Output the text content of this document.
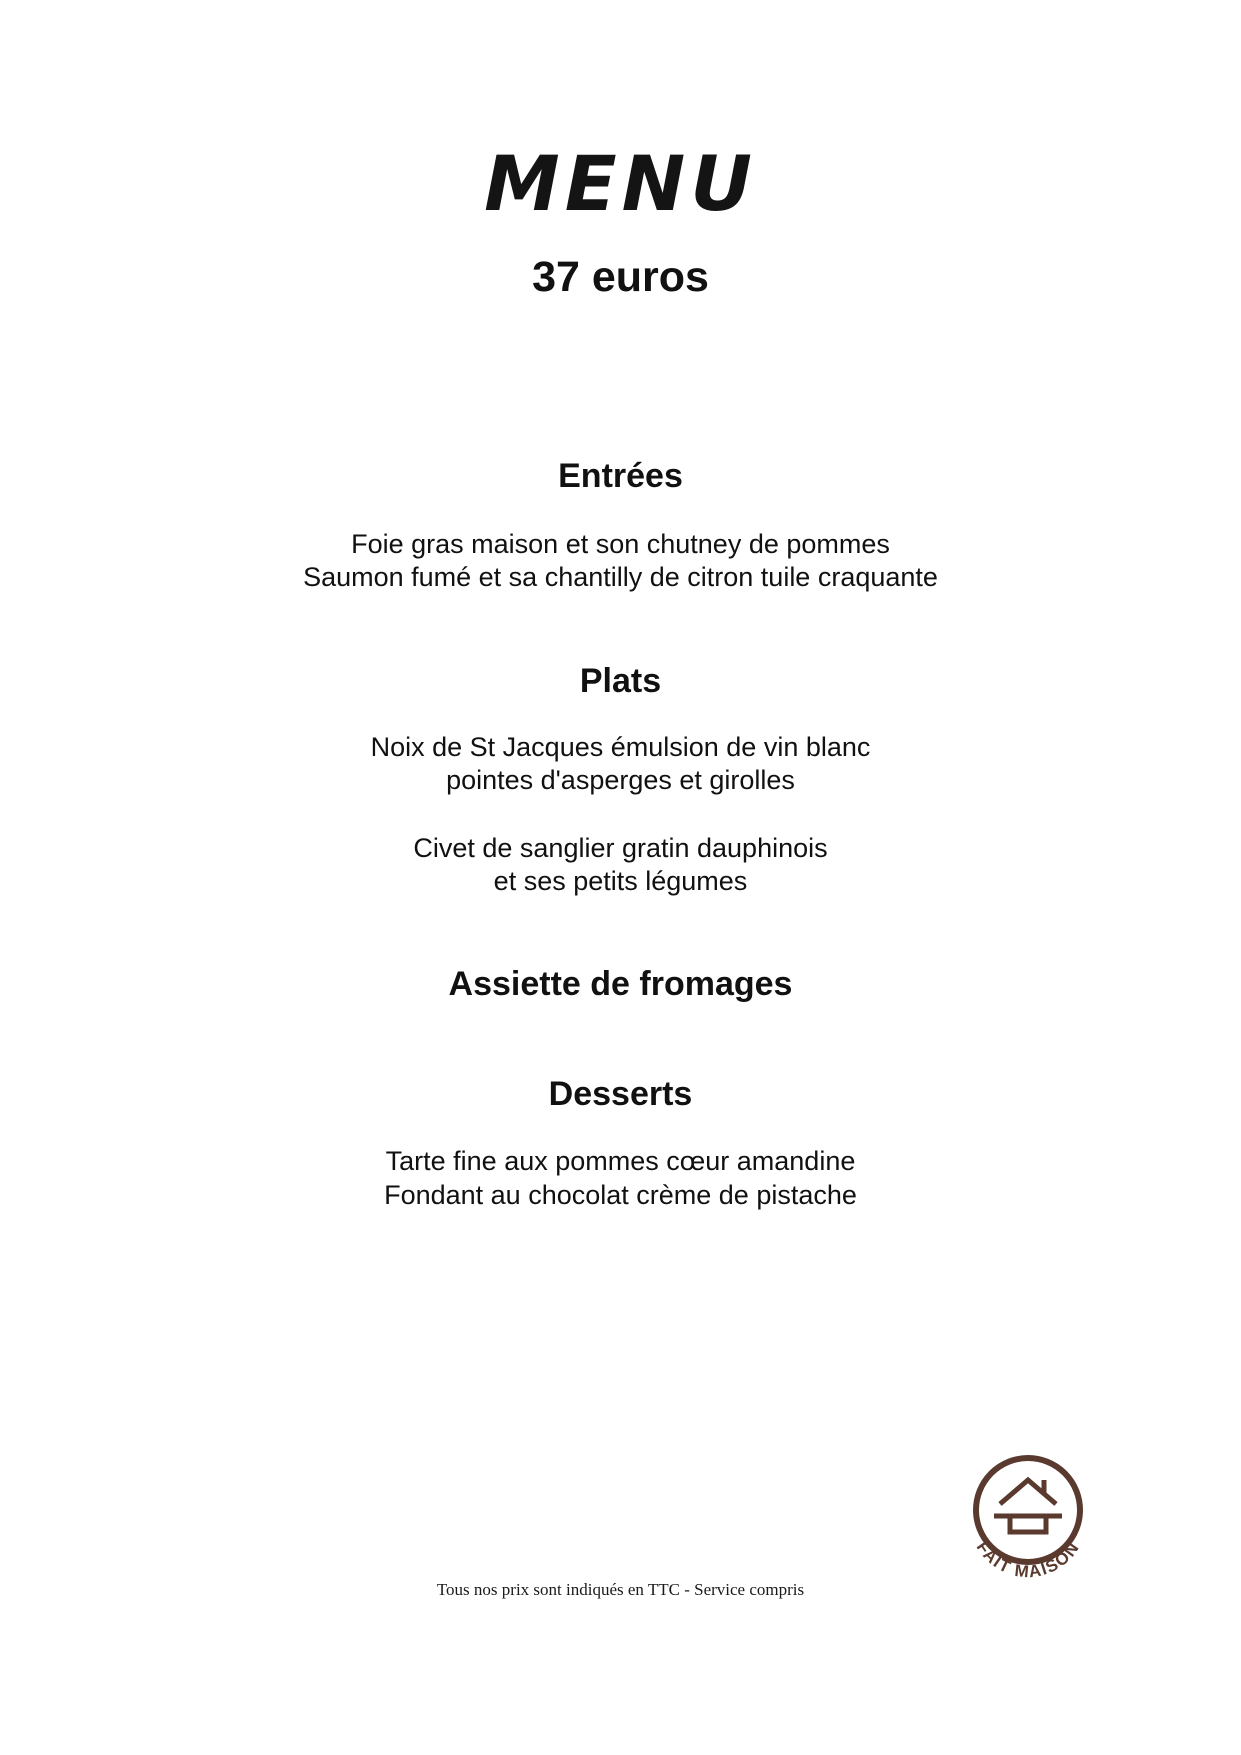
MENU
37 euros
Entrées
Foie gras maison et son chutney de pommes
Saumon fumé et sa chantilly de citron tuile craquante
Plats
Noix de St Jacques émulsion de vin blanc
pointes d'asperges et girolles
Civet de sanglier gratin dauphinois
et ses petits légumes
Assiette de fromages
Desserts
Tarte fine aux pommes cœur amandine
Fondant au chocolat crème de pistache
Tous nos prix sont indiqués en TTC - Service compris
FAIT MAISON
